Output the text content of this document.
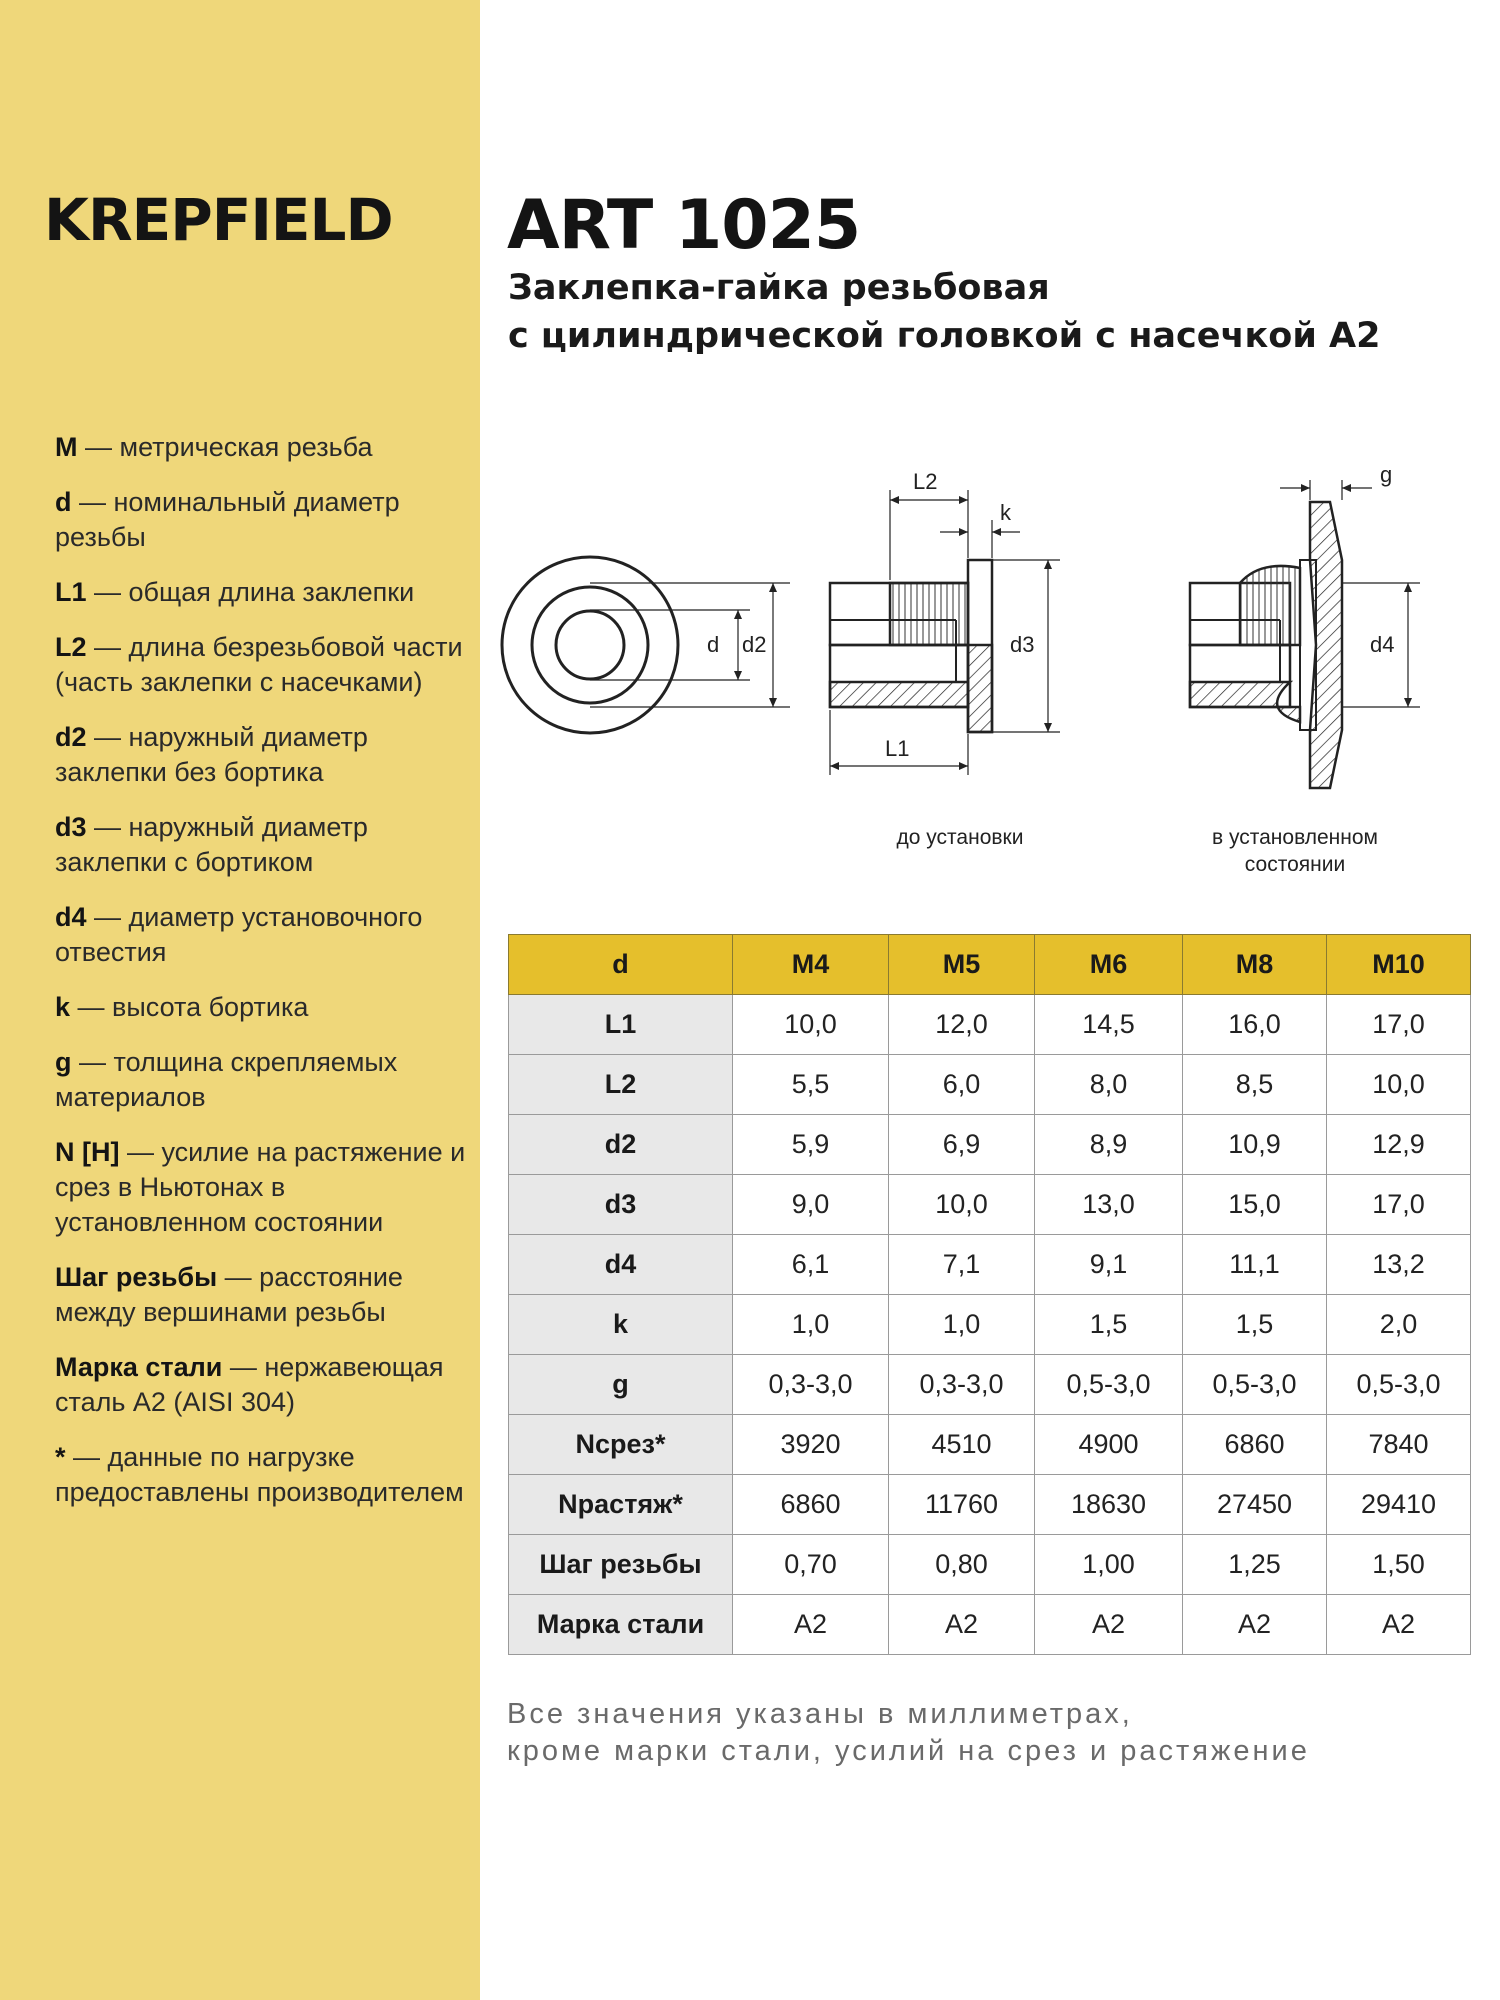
KREPFIELD
M — метрическая резьба
d — номинальный диаметр резьбы
L1 — общая длина заклепки
L2 — длина безрезьбовой части (часть заклепки с насечками)
d2 — наружный диаметр заклепки без бортика
d3 — наружный диаметр заклепки с бортиком
d4 — диаметр установочного отвестия
k — высота бортика
g — толщина скрепляемых материалов
N [H] — усилие на растяжение и срез в Ньютонах в установленном состоянии
Шаг резьбы — расстояние между вершинами резьбы
Марка стали — нержавеющая сталь A2 (AISI 304)
* — данные по нагрузке предоставлены производителем
ART 1025
Заклепка-гайка резьбовая
с цилиндрической головкой с насечкой А2
d d2
L2
k
d3
L1
g
d4
до установки	в установленном
состоянии
d	M4	M5	M6	M8	M10
L1	10,0	12,0	14,5	16,0	17,0
L2	5,5	6,0	8,0	8,5	10,0
d2	5,9	6,9	8,9	10,9	12,9
d3	9,0	10,0	13,0	15,0	17,0
d4	6,1	7,1	9,1	11,1	13,2
k	1,0	1,0	1,5	1,5	2,0
g	0,3-3,0	0,3-3,0	0,5-3,0	0,5-3,0	0,5-3,0
Nсрез*	3920	4510	4900	6860	7840
Nрастяж*	6860	11760	18630	27450	29410
Шаг резьбы	0,70	0,80	1,00	1,25	1,50
Марка стали	A2	A2	A2	A2	A2
Все значения указаны в миллиметрах,
кроме марки стали, усилий на срез и растяжение
